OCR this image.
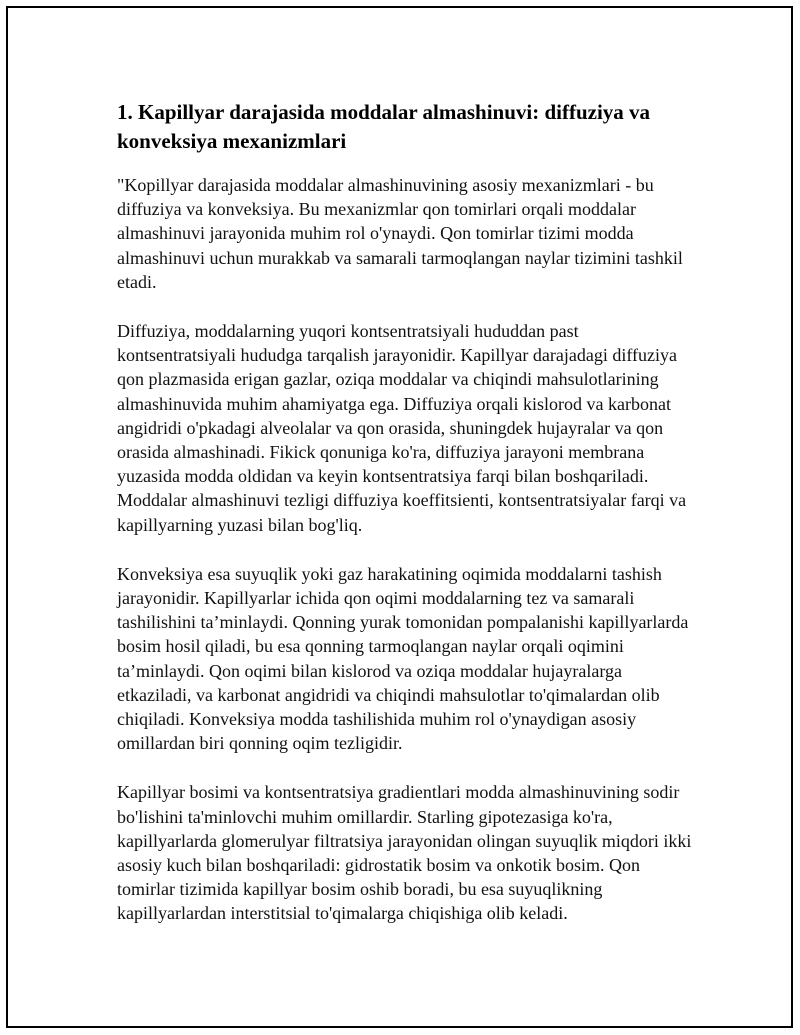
1. Kapillyar darajasida moddalar almashinuvi: diffuziya va konveksiya mexanizmlari

"Kopillyar darajasida moddalar almashinuvining asosiy mexanizmlari - bu diffuziya va konveksiya. Bu mexanizmlar qon tomirlari orqali moddalar almashinuvi jarayonida muhim rol o'ynaydi. Qon tomirlar tizimi modda almashinuvi uchun murakkab va samarali tarmoqlangan naylar tizimini tashkil etadi.

Diffuziya, moddalarning yuqori kontsentratsiyali hududdan past kontsentratsiyali hududga tarqalish jarayonidir. Kapillyar darajadagi diffuziya qon plazmasida erigan gazlar, oziqa moddalar va chiqindi mahsulotlarining almashinuvida muhim ahamiyatga ega. Diffuziya orqali kislorod va karbonat angidridi o'pkadagi alveolalar va qon orasida, shuningdek hujayralar va qon orasida almashinadi. Fikick qonuniga ko'ra, diffuziya jarayoni membrana yuzasida modda oldidan va keyin kontsentratsiya farqi bilan boshqariladi. Moddalar almashinuvi tezligi diffuziya koeffitsienti, kontsentratsiyalar farqi va kapillyarning yuzasi bilan bog'liq.

Konveksiya esa suyuqlik yoki gaz harakatining oqimida moddalarni tashish jarayonidir. Kapillyarlar ichida qon oqimi moddalarning tez va samarali tashilishini ta’minlaydi. Qonning yurak tomonidan pompalanishi kapillyarlarda bosim hosil qiladi, bu esa qonning tarmoqlangan naylar orqali oqimini ta’minlaydi. Qon oqimi bilan kislorod va oziqa moddalar hujayralarga etkaziladi, va karbonat angidridi va chiqindi mahsulotlar to'qimalardan olib chiqiladi. Konveksiya modda tashilishida muhim rol o'ynaydigan asosiy omillardan biri qonning oqim tezligidir.

Kapillyar bosimi va kontsentratsiya gradientlari modda almashinuvining sodir bo'lishini ta'minlovchi muhim omillardir. Starling gipotezasiga ko'ra, kapillyarlarda glomerulyar filtratsiya jarayonidan olingan suyuqlik miqdori ikki asosiy kuch bilan boshqariladi: gidrostatik bosim va onkotik bosim. Qon tomirlar tizimida kapillyar bosim oshib boradi, bu esa suyuqlikning kapillyarlardan interstitsial to'qimalarga chiqishiga olib keladi.
